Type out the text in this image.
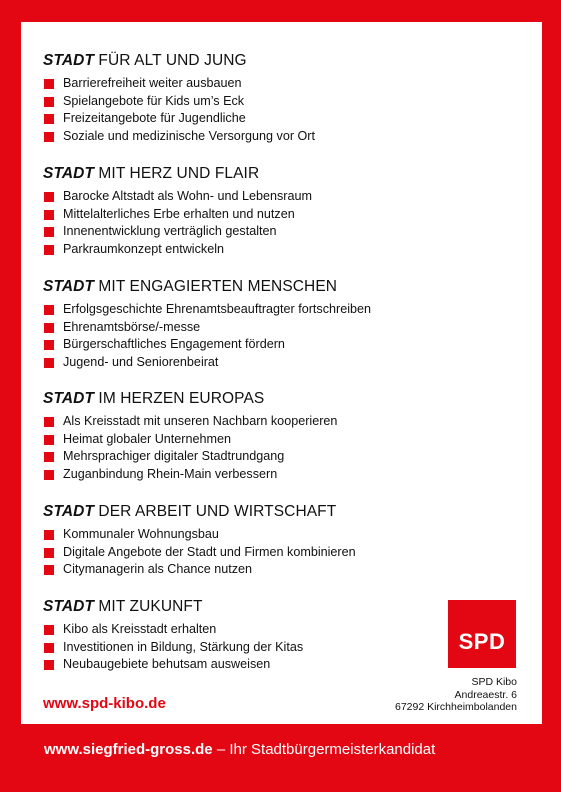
STADT FÜR ALT UND JUNG
Barrierefreiheit weiter ausbauen
Spielangebote für Kids um’s Eck
Freizeitangebote für Jugendliche
Soziale und medizinische Versorgung vor Ort
STADT MIT HERZ UND FLAIR
Barocke Altstadt als Wohn- und Lebensraum
Mittelalterliches Erbe erhalten und nutzen
Innenentwicklung verträglich gestalten
Parkraumkonzept entwickeln
STADT MIT ENGAGIERTEN MENSCHEN
Erfolgsgeschichte Ehrenamtsbeauftragter fortschreiben
Ehrenamtsbörse/-messe
Bürgerschaftliches Engagement fördern
Jugend- und Seniorenbeirat
STADT IM HERZEN EUROPAS
Als Kreisstadt mit unseren Nachbarn kooperieren
Heimat globaler Unternehmen
Mehrsprachiger digitaler Stadtrundgang
Zuganbindung Rhein-Main verbessern
STADT DER ARBEIT UND WIRTSCHAFT
Kommunaler Wohnungsbau
Digitale Angebote der Stadt und Firmen kombinieren
Citymanagerin als Chance nutzen
STADT MIT ZUKUNFT
Kibo als Kreisstadt erhalten
Investitionen in Bildung, Stärkung der Kitas
Neubaugebiete behutsam ausweisen
SPD
SPD Kibo
Andreaestr. 6
67292 Kirchheimbolanden
www.spd-kibo.de
www.siegfried-gross.de – Ihr Stadtbürgermeisterkandidat
